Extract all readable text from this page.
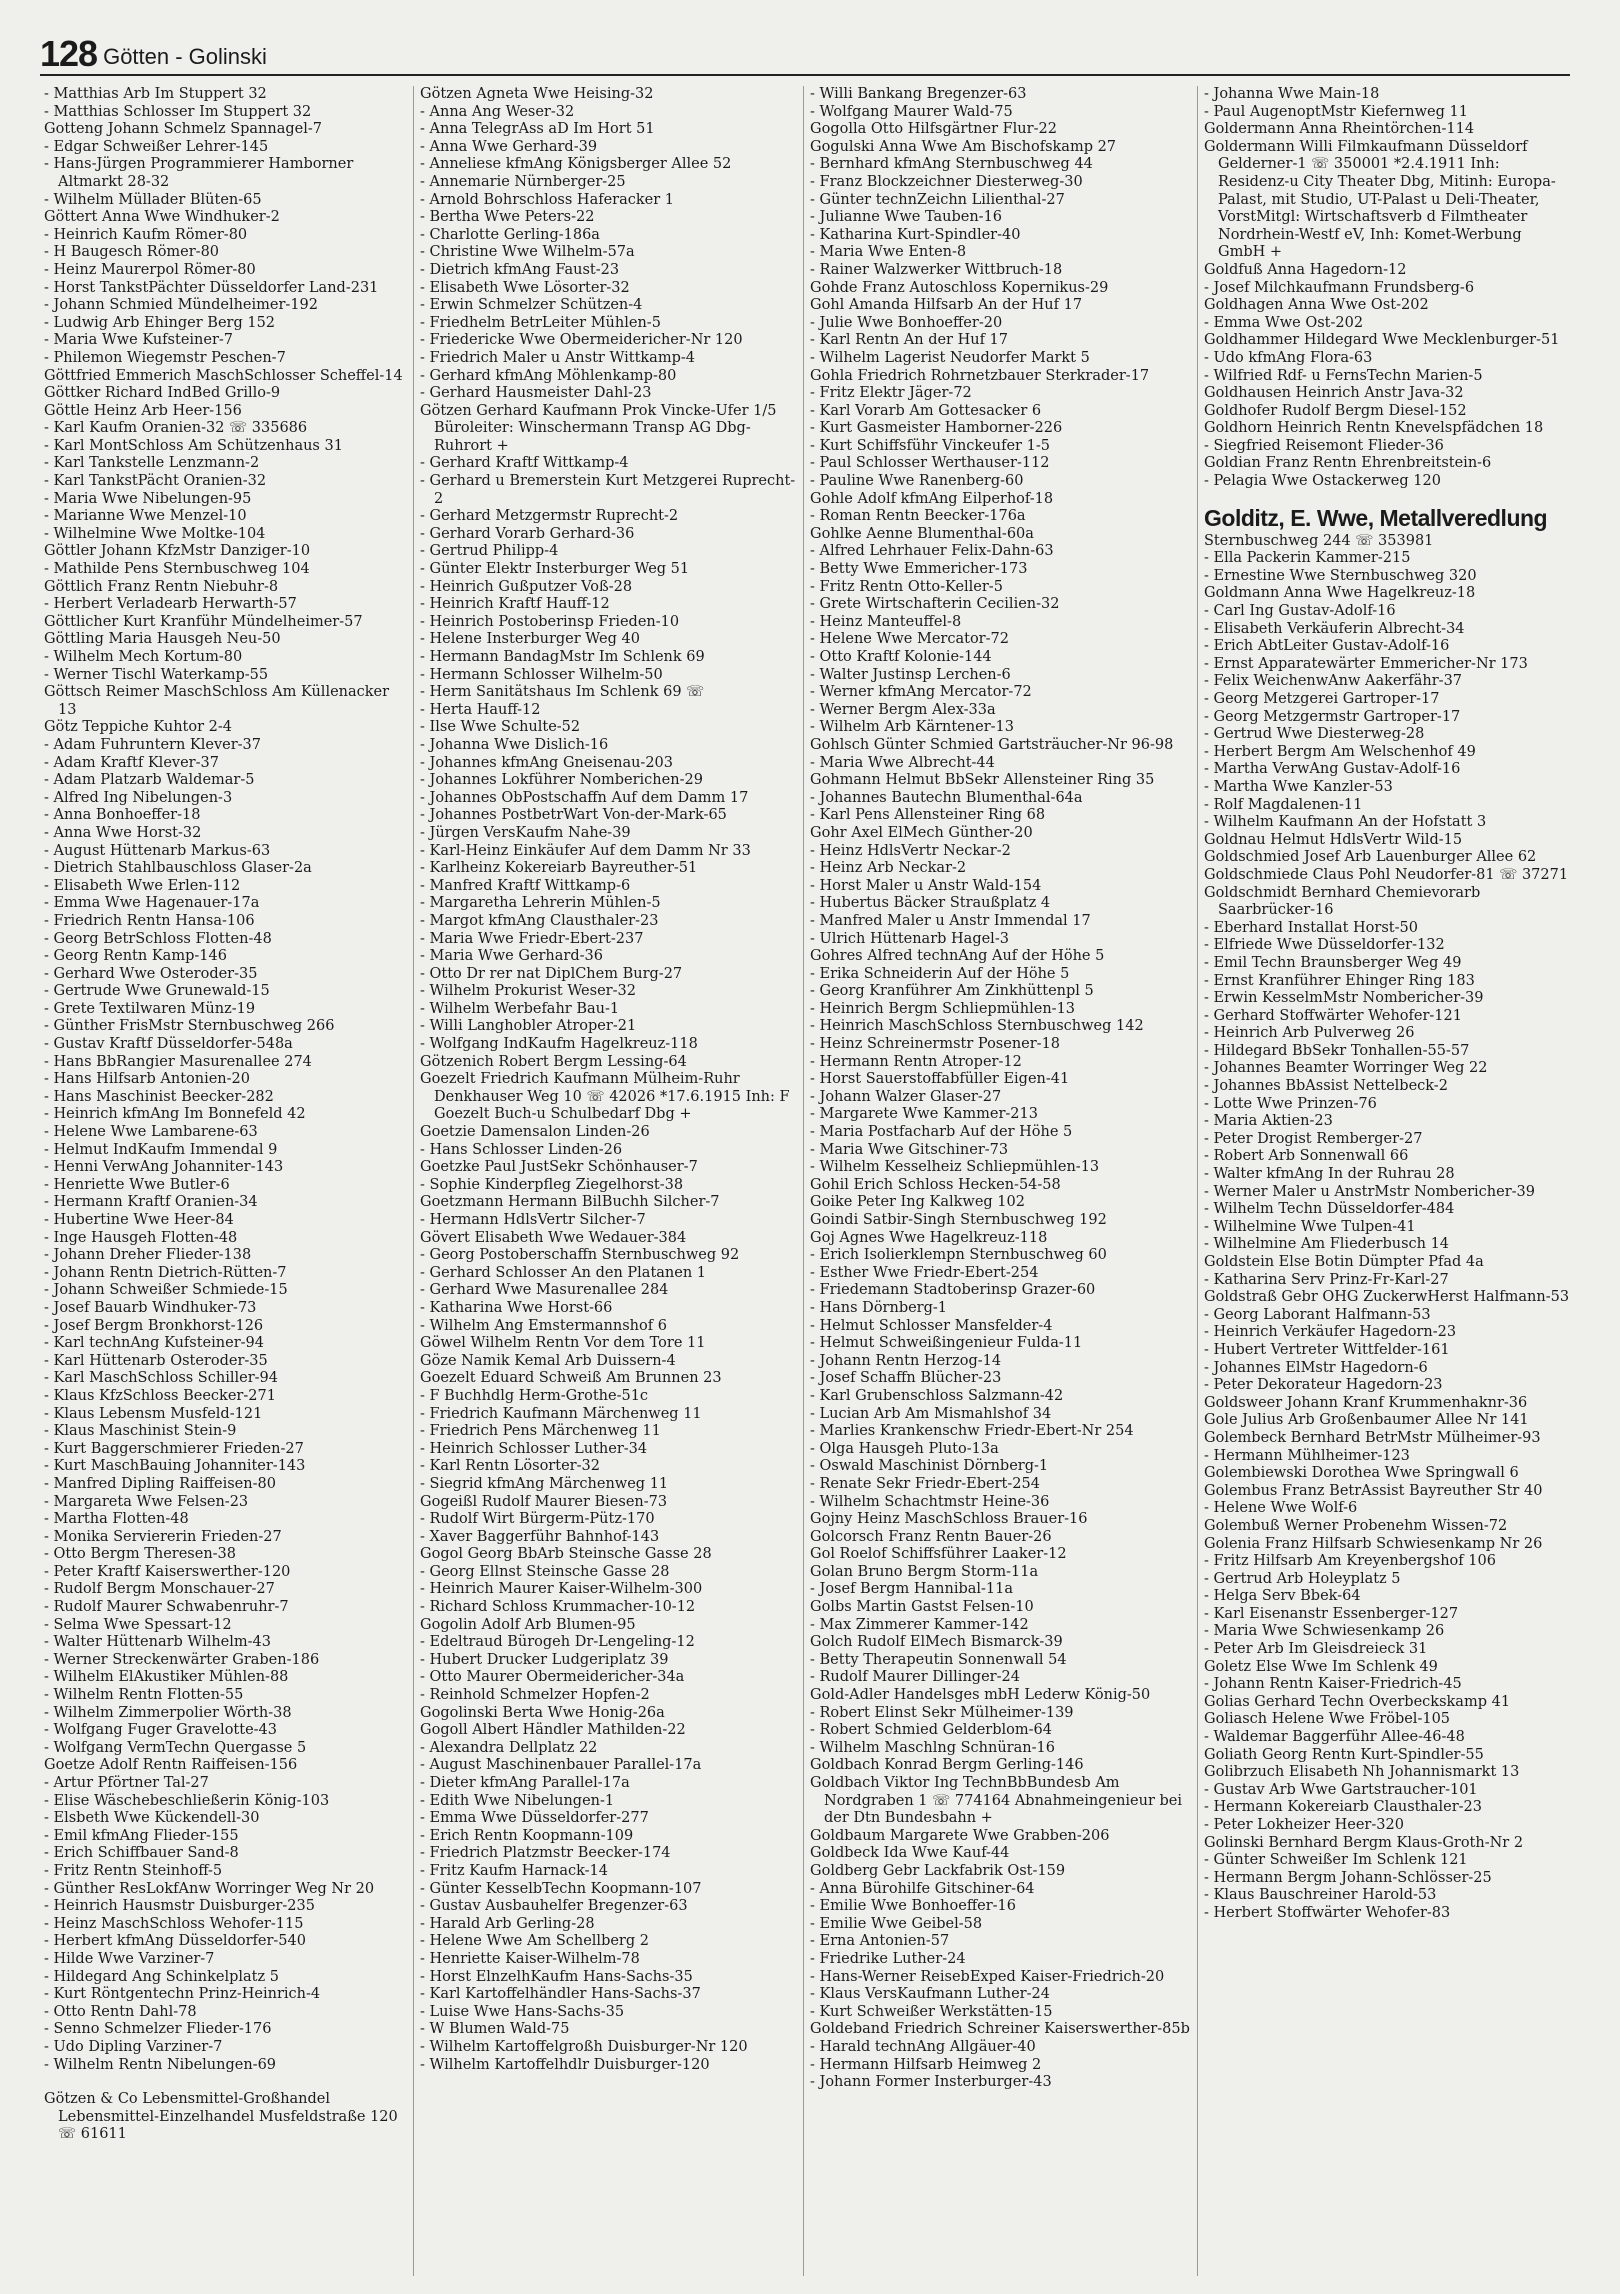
128 Götten - Golinski
- Matthias Arb Im Stuppert 32
- Matthias Schlosser Im Stuppert 32
Gotteng Johann Schmelz Spannagel-7
- Edgar Schweißer Lehrer-145
- Hans-Jürgen Programmierer Hamborner Altmarkt 28-32
- Wilhelm Müllader Blüten-65
Göttert Anna Wwe Windhuker-2
- Heinrich Kaufm Römer-80
- H Baugesch Römer-80
- Heinz Maurerpol Römer-80
- Horst TankstPächter Düsseldorfer Land-231
- Johann Schmied Mündelheimer-192
- Ludwig Arb Ehinger Berg 152
- Maria Wwe Kufsteiner-7
- Philemon Wiegemstr Peschen-7
Göttfried Emmerich MaschSchlosser Scheffel-14
Göttker Richard IndBed Grillo-9
Göttle Heinz Arb Heer-156
- Karl Kaufm Oranien-32 ☏ 335686
- Karl MontSchloss Am Schützenhaus 31
- Karl Tankstelle Lenzmann-2
- Karl TankstPächt Oranien-32
- Maria Wwe Nibelungen-95
- Marianne Wwe Menzel-10
- Wilhelmine Wwe Moltke-104
Göttler Johann KfzMstr Danziger-10
- Mathilde Pens Sternbuschweg 104
Göttlich Franz Rentn Niebuhr-8
- Herbert Verladearb Herwarth-57
Göttlicher Kurt Kranführ Mündelheimer-57
Göttling Maria Hausgeh Neu-50
- Wilhelm Mech Kortum-80
- Werner Tischl Waterkamp-55
Göttsch Reimer MaschSchloss Am Küllenacker 13
Götz Teppiche Kuhtor 2-4
- Adam Fuhruntern Klever-37
- Adam Kraftf Klever-37
- Adam Platzarb Waldemar-5
- Alfred Ing Nibelungen-3
- Anna Bonhoeffer-18
- Anna Wwe Horst-32
- August Hüttenarb Markus-63
- Dietrich Stahlbauschloss Glaser-2a
- Elisabeth Wwe Erlen-112
- Emma Wwe Hagenauer-17a
- Friedrich Rentn Hansa-106
- Georg BetrSchloss Flotten-48
- Georg Rentn Kamp-146
- Gerhard Wwe Osteroder-35
- Gertrude Wwe Grunewald-15
- Grete Textilwaren Münz-19
- Günther FrisMstr Sternbuschweg 266
- Gustav Kraftf Düsseldorfer-548a
- Hans BbRangier Masurenallee 274
- Hans Hilfsarb Antonien-20
- Hans Maschinist Beecker-282
- Heinrich kfmAng Im Bonnefeld 42
- Helene Wwe Lambarene-63
- Helmut IndKaufm Immendal 9
- Henni VerwAng Johanniter-143
- Henriette Wwe Butler-6
- Hermann Kraftf Oranien-34
- Hubertine Wwe Heer-84
- Inge Hausgeh Flotten-48
- Johann Dreher Flieder-138
- Johann Rentn Dietrich-Rütten-7
- Johann Schweißer Schmiede-15
- Josef Bauarb Windhuker-73
- Josef Bergm Bronkhorst-126
- Karl technAng Kufsteiner-94
- Karl Hüttenarb Osteroder-35
- Karl MaschSchloss Schiller-94
- Klaus KfzSchloss Beecker-271
- Klaus Lebensm Musfeld-121
- Klaus Maschinist Stein-9
- Kurt Baggerschmierer Frieden-27
- Kurt MaschBauing Johanniter-143
- Manfred Dipling Raiffeisen-80
- Margareta Wwe Felsen-23
- Martha Flotten-48
- Monika Serviererin Frieden-27
- Otto Bergm Theresen-38
- Peter Kraftf Kaiserswerther-120
- Rudolf Bergm Monschauer-27
- Rudolf Maurer Schwabenruhr-7
- Selma Wwe Spessart-12
- Walter Hüttenarb Wilhelm-43
- Werner Streckenwärter Graben-186
- Wilhelm ElAkustiker Mühlen-88
- Wilhelm Rentn Flotten-55
- Wilhelm Zimmerpolier Wörth-38
- Wolfgang Fuger Gravelotte-43
- Wolfgang VermTechn Quergasse 5
Goetze Adolf Rentn Raiffeisen-156
- Artur Pförtner Tal-27
- Elise Wäschebeschließerin König-103
- Elsbeth Wwe Kückendell-30
- Emil kfmAng Flieder-155
- Erich Schiffbauer Sand-8
- Fritz Rentn Steinhoff-5
- Günther ResLokfAnw Worringer Weg Nr 20
- Heinrich Hausmstr Duisburger-235
- Heinz MaschSchloss Wehofer-115
- Herbert kfmAng Düsseldorfer-540
- Hilde Wwe Varziner-7
- Hildegard Ang Schinkelplatz 5
- Kurt Röntgentechn Prinz-Heinrich-4
- Otto Rentn Dahl-78
- Senno Schmelzer Flieder-176
- Udo Dipling Varziner-7
- Wilhelm Rentn Nibelungen-69
Götzen & Co Lebensmittel-Großhandel Lebensmittel-Einzelhandel Musfeldstraße 120 ☏ 61611
Götzen Agneta Wwe Heising-32
- Anna Ang Weser-32
- Anna TelegrAss aD Im Hort 51
- Anna Wwe Gerhard-39
- Anneliese kfmAng Königsberger Allee 52
- Annemarie Nürnberger-25
- Arnold Bohrschloss Haferacker 1
- Bertha Wwe Peters-22
- Charlotte Gerling-186a
- Christine Wwe Wilhelm-57a
- Dietrich kfmAng Faust-23
- Elisabeth Wwe Lösorter-32
- Erwin Schmelzer Schützen-4
- Friedhelm BetrLeiter Mühlen-5
- Friedericke Wwe Obermeidericher-Nr 120
- Friedrich Maler u Anstr Wittkamp-4
- Gerhard kfmAng Möhlenkamp-80
- Gerhard Hausmeister Dahl-23
Götzen Gerhard Kaufmann Prok Vincke-Ufer 1/5 Büroleiter: Winschermann Transp AG Dbg-Ruhrort +
- Gerhard Kraftf Wittkamp-4
- Gerhard u Bremerstein Kurt Metzgerei Ruprecht-2
- Gerhard Metzgermstr Ruprecht-2
- Gerhard Vorarb Gerhard-36
- Gertrud Philipp-4
- Günter Elektr Insterburger Weg 51
- Heinrich Gußputzer Voß-28
- Heinrich Kraftf Hauff-12
- Heinrich Postoberinsp Frieden-10
- Helene Insterburger Weg 40
- Hermann BandagMstr Im Schlenk 69
- Hermann Schlosser Wilhelm-50
- Herm Sanitätshaus Im Schlenk 69 ☏
- Herta Hauff-12
- Ilse Wwe Schulte-52
- Johanna Wwe Dislich-16
- Johannes kfmAng Gneisenau-203
- Johannes Lokführer Nomberichen-29
- Johannes ObPostschaffn Auf dem Damm 17
- Johannes PostbetrWart Von-der-Mark-65
- Jürgen VersKaufm Nahe-39
- Karl-Heinz Einkäufer Auf dem Damm Nr 33
- Karlheinz Kokereiarb Bayreuther-51
- Manfred Kraftf Wittkamp-6
- Margaretha Lehrerin Mühlen-5
- Margot kfmAng Clausthaler-23
- Maria Wwe Friedr-Ebert-237
- Maria Wwe Gerhard-36
- Otto Dr rer nat DiplChem Burg-27
- Wilhelm Prokurist Weser-32
- Wilhelm Werbefahr Bau-1
- Willi Langhobler Atroper-21
- Wolfgang IndKaufm Hagelkreuz-118
Götzenich Robert Bergm Lessing-64
Goezelt Friedrich Kaufmann Mülheim-Ruhr Denkhauser Weg 10 ☏ 42026 *17.6.1915 Inh: F Goezelt Buch-u Schulbedarf Dbg +
Goetzie Damensalon Linden-26
- Hans Schlosser Linden-26
Goetzke Paul JustSekr Schönhauser-7
- Sophie Kinderpfleg Ziegelhorst-38
Goetzmann Hermann BilBuchh Silcher-7
- Hermann HdlsVertr Silcher-7
Gövert Elisabeth Wwe Wedauer-384
- Georg Postoberschaffn Sternbuschweg 92
- Gerhard Schlosser An den Platanen 1
- Gerhard Wwe Masurenallee 284
- Katharina Wwe Horst-66
- Wilhelm Ang Emstermannshof 6
Göwel Wilhelm Rentn Vor dem Tore 11
Göze Namik Kemal Arb Duissern-4
Goezelt Eduard Schweiß Am Brunnen 23
- F Buchhdlg Herm-Grothe-51c
- Friedrich Kaufmann Märchenweg 11
- Friedrich Pens Märchenweg 11
- Heinrich Schlosser Luther-34
- Karl Rentn Lösorter-32
- Siegrid kfmAng Märchenweg 11
Gogeißl Rudolf Maurer Biesen-73
- Rudolf Wirt Bürgerm-Pütz-170
- Xaver Baggerführ Bahnhof-143
Gogol Georg BbArb Steinsche Gasse 28
- Georg Ellnst Steinsche Gasse 28
- Heinrich Maurer Kaiser-Wilhelm-300
- Richard Schloss Krummacher-10-12
Gogolin Adolf Arb Blumen-95
- Edeltraud Bürogeh Dr-Lengeling-12
- Hubert Drucker Ludgeriplatz 39
- Otto Maurer Obermeidericher-34a
- Reinhold Schmelzer Hopfen-2
Gogolinski Berta Wwe Honig-26a
Gogoll Albert Händler Mathilden-22
- Alexandra Dellplatz 22
- August Maschinenbauer Parallel-17a
- Dieter kfmAng Parallel-17a
- Edith Wwe Nibelungen-1
- Emma Wwe Düsseldorfer-277
- Erich Rentn Koopmann-109
- Friedrich Platzmstr Beecker-174
- Fritz Kaufm Harnack-14
- Günter KesselbTechn Koopmann-107
- Gustav Ausbauhelfer Bregenzer-63
- Harald Arb Gerling-28
- Helene Wwe Am Schellberg 2
- Henriette Kaiser-Wilhelm-78
- Horst ElnzelhKaufm Hans-Sachs-35
- Karl Kartoffelhändler Hans-Sachs-37
- Luise Wwe Hans-Sachs-35
- W Blumen Wald-75
- Wilhelm Kartoffelgroßh Duisburger-Nr 120
- Wilhelm Kartoffelhdlr Duisburger-120
- Willi Bankang Bregenzer-63
- Wolfgang Maurer Wald-75
Gogolla Otto Hilfsgärtner Flur-22
Gogulski Anna Wwe Am Bischofskamp 27
- Bernhard kfmAng Sternbuschweg 44
- Franz Blockzeichner Diesterweg-30
- Günter technZeichn Lilienthal-27
- Julianne Wwe Tauben-16
- Katharina Kurt-Spindler-40
- Maria Wwe Enten-8
- Rainer Walzwerker Wittbruch-18
Gohde Franz Autoschloss Kopernikus-29
Gohl Amanda Hilfsarb An der Huf 17
- Julie Wwe Bonhoeffer-20
- Karl Rentn An der Huf 17
- Wilhelm Lagerist Neudorfer Markt 5
Gohla Friedrich Rohrnetzbauer Sterkrader-17
- Fritz Elektr Jäger-72
- Karl Vorarb Am Gottesacker 6
- Kurt Gasmeister Hamborner-226
- Kurt Schiffsführ Vinckeufer 1-5
- Paul Schlosser Werthauser-112
- Pauline Wwe Ranenberg-60
Gohle Adolf kfmAng Eilperhof-18
- Roman Rentn Beecker-176a
Gohlke Aenne Blumenthal-60a
- Alfred Lehrhauer Felix-Dahn-63
- Betty Wwe Emmericher-173
- Fritz Rentn Otto-Keller-5
- Grete Wirtschafterin Cecilien-32
- Heinz Manteuffel-8
- Helene Wwe Mercator-72
- Otto Kraftf Kolonie-144
- Walter Justinsp Lerchen-6
- Werner kfmAng Mercator-72
- Werner Bergm Alex-33a
- Wilhelm Arb Kärntener-13
Gohlsch Günter Schmied Gartsträucher-Nr 96-98
- Maria Wwe Albrecht-44
Gohmann Helmut BbSekr Allensteiner Ring 35
- Johannes Bautechn Blumenthal-64a
- Karl Pens Allensteiner Ring 68
Gohr Axel ElMech Günther-20
- Heinz HdlsVertr Neckar-2
- Heinz Arb Neckar-2
- Horst Maler u Anstr Wald-154
- Hubertus Bäcker Straußplatz 4
- Manfred Maler u Anstr Immendal 17
- Ulrich Hüttenarb Hagel-3
Gohres Alfred technAng Auf der Höhe 5
- Erika Schneiderin Auf der Höhe 5
- Georg Kranführer Am Zinkhüttenpl 5
- Heinrich Bergm Schliepmühlen-13
- Heinrich MaschSchloss Sternbuschweg 142
- Heinz Schreinermstr Posener-18
- Hermann Rentn Atroper-12
- Horst Sauerstoffabfüller Eigen-41
- Johann Walzer Glaser-27
- Margarete Wwe Kammer-213
- Maria Postfacharb Auf der Höhe 5
- Maria Wwe Gitschiner-73
- Wilhelm Kesselheiz Schliepmühlen-13
Gohil Erich Schloss Hecken-54-58
Goike Peter Ing Kalkweg 102
Goindi Satbir-Singh Sternbuschweg 192
Goj Agnes Wwe Hagelkreuz-118
- Erich Isolierklempn Sternbuschweg 60
- Esther Wwe Friedr-Ebert-254
- Friedemann Stadtoberinsp Grazer-60
- Hans Dörnberg-1
- Helmut Schlosser Mansfelder-4
- Helmut Schweißingenieur Fulda-11
- Johann Rentn Herzog-14
- Josef Schaffn Blücher-23
- Karl Grubenschloss Salzmann-42
- Lucian Arb Am Mismahlshof 34
- Marlies Krankenschw Friedr-Ebert-Nr 254
- Olga Hausgeh Pluto-13a
- Oswald Maschinist Dörnberg-1
- Renate Sekr Friedr-Ebert-254
- Wilhelm Schachtmstr Heine-36
Gojny Heinz MaschSchloss Brauer-16
Golcorsch Franz Rentn Bauer-26
Gol Roelof Schiffsführer Laaker-12
Golan Bruno Bergm Storm-11a
- Josef Bergm Hannibal-11a
Golbs Martin Gastst Felsen-10
- Max Zimmerer Kammer-142
Golch Rudolf ElMech Bismarck-39
- Betty Therapeutin Sonnenwall 54
- Rudolf Maurer Dillinger-24
Gold-Adler Handelsges mbH Lederw König-50
- Robert Elinst Sekr Mülheimer-139
- Robert Schmied Gelderblom-64
- Wilhelm Maschlng Schnüran-16
Goldbach Konrad Bergm Gerling-146
Goldbach Viktor Ing TechnBbBundesb Am Nordgraben 1 ☏ 774164 Abnahmeingenieur bei der Dtn Bundesbahn +
Goldbaum Margarete Wwe Grabben-206
Goldbeck Ida Wwe Kauf-44
Goldberg Gebr Lackfabrik Ost-159
- Anna Bürohilfe Gitschiner-64
- Emilie Wwe Bonhoeffer-16
- Emilie Wwe Geibel-58
- Erna Antonien-57
- Friedrike Luther-24
- Hans-Werner ReisebExped Kaiser-Friedrich-20
- Klaus VersKaufmann Luther-24
- Kurt Schweißer Werkstätten-15
Goldeband Friedrich Schreiner Kaiserswerther-85b
- Harald technAng Allgäuer-40
- Hermann Hilfsarb Heimweg 2
- Johann Former Insterburger-43
- Johanna Wwe Main-18
- Paul AugenoptMstr Kiefernweg 11
Goldermann Anna Rheintörchen-114
Goldermann Willi Filmkaufmann Düsseldorf Gelderner-1 ☏ 350001 *2.4.1911 Inh: Residenz-u City Theater Dbg, Mitinh: Europa-Palast, mit Studio, UT-Palast u Deli-Theater, VorstMitgl: Wirtschaftsverb d Filmtheater Nordrhein-Westf eV, Inh: Komet-Werbung GmbH +
Goldfuß Anna Hagedorn-12
- Josef Milchkaufmann Frundsberg-6
Goldhagen Anna Wwe Ost-202
- Emma Wwe Ost-202
Goldhammer Hildegard Wwe Mecklenburger-51
- Udo kfmAng Flora-63
- Wilfried Rdf- u FernsTechn Marien-5
Goldhausen Heinrich Anstr Java-32
Goldhofer Rudolf Bergm Diesel-152
Goldhorn Heinrich Rentn Knevelspfädchen 18
- Siegfried Reisemont Flieder-36
Goldian Franz Rentn Ehrenbreitstein-6
- Pelagia Wwe Ostackerweg 120
Golditz, E. Wwe, Metallveredlung
Sternbuschweg 244 ☏ 353981
- Ella Packerin Kammer-215
- Ernestine Wwe Sternbuschweg 320
Goldmann Anna Wwe Hagelkreuz-18
- Carl Ing Gustav-Adolf-16
- Elisabeth Verkäuferin Albrecht-34
- Erich AbtLeiter Gustav-Adolf-16
- Ernst Apparatewärter Emmericher-Nr 173
- Felix WeichenwAnw Aakerfähr-37
- Georg Metzgerei Gartroper-17
- Georg Metzgermstr Gartroper-17
- Gertrud Wwe Diesterweg-28
- Herbert Bergm Am Welschenhof 49
- Martha VerwAng Gustav-Adolf-16
- Martha Wwe Kanzler-53
- Rolf Magdalenen-11
- Wilhelm Kaufmann An der Hofstatt 3
Goldnau Helmut HdlsVertr Wild-15
Goldschmied Josef Arb Lauenburger Allee 62
Goldschmiede Claus Pohl Neudorfer-81 ☏ 37271
Goldschmidt Bernhard Chemievorarb Saarbrücker-16
- Eberhard Installat Horst-50
- Elfriede Wwe Düsseldorfer-132
- Emil Techn Braunsberger Weg 49
- Ernst Kranführer Ehinger Ring 183
- Erwin KesselmMstr Nombericher-39
- Gerhard Stoffwärter Wehofer-121
- Heinrich Arb Pulverweg 26
- Hildegard BbSekr Tonhallen-55-57
- Johannes Beamter Worringer Weg 22
- Johannes BbAssist Nettelbeck-2
- Lotte Wwe Prinzen-76
- Maria Aktien-23
- Peter Drogist Remberger-27
- Robert Arb Sonnenwall 66
- Walter kfmAng In der Ruhrau 28
- Werner Maler u AnstrMstr Nombericher-39
- Wilhelm Techn Düsseldorfer-484
- Wilhelmine Wwe Tulpen-41
- Wilhelmine Am Fliederbusch 14
Goldstein Else Botin Dümpter Pfad 4a
- Katharina Serv Prinz-Fr-Karl-27
Goldstraß Gebr OHG ZuckerwHerst Halfmann-53
- Georg Laborant Halfmann-53
- Heinrich Verkäufer Hagedorn-23
- Hubert Vertreter Wittfelder-161
- Johannes ElMstr Hagedorn-6
- Peter Dekorateur Hagedorn-23
Goldsweer Johann Kranf Krummenhaknr-36
Gole Julius Arb Großenbaumer Allee Nr 141
Golembeck Bernhard BetrMstr Mülheimer-93
- Hermann Mühlheimer-123
Golembiewski Dorothea Wwe Springwall 6
Golembus Franz BetrAssist Bayreuther Str 40
- Helene Wwe Wolf-6
Golembuß Werner Probenehm Wissen-72
Golenia Franz Hilfsarb Schwiesenkamp Nr 26
- Fritz Hilfsarb Am Kreyenbergshof 106
- Gertrud Arb Holeyplatz 5
- Helga Serv Bbek-64
- Karl Eisenanstr Essenberger-127
- Maria Wwe Schwiesenkamp 26
- Peter Arb Im Gleisdreieck 31
Goletz Else Wwe Im Schlenk 49
- Johann Rentn Kaiser-Friedrich-45
Golias Gerhard Techn Overbeckskamp 41
Goliasch Helene Wwe Fröbel-105
- Waldemar Baggerführ Allee-46-48
Goliath Georg Rentn Kurt-Spindler-55
Golibrzuch Elisabeth Nh Johannismarkt 13
- Gustav Arb Wwe Gartstraucher-101
- Hermann Kokereiarb Clausthaler-23
- Peter Lokheizer Heer-320
Golinski Bernhard Bergm Klaus-Groth-Nr 2
- Günter Schweißer Im Schlenk 121
- Hermann Bergm Johann-Schlösser-25
- Klaus Bauschreiner Harold-53
- Herbert Stoffwärter Wehofer-83
